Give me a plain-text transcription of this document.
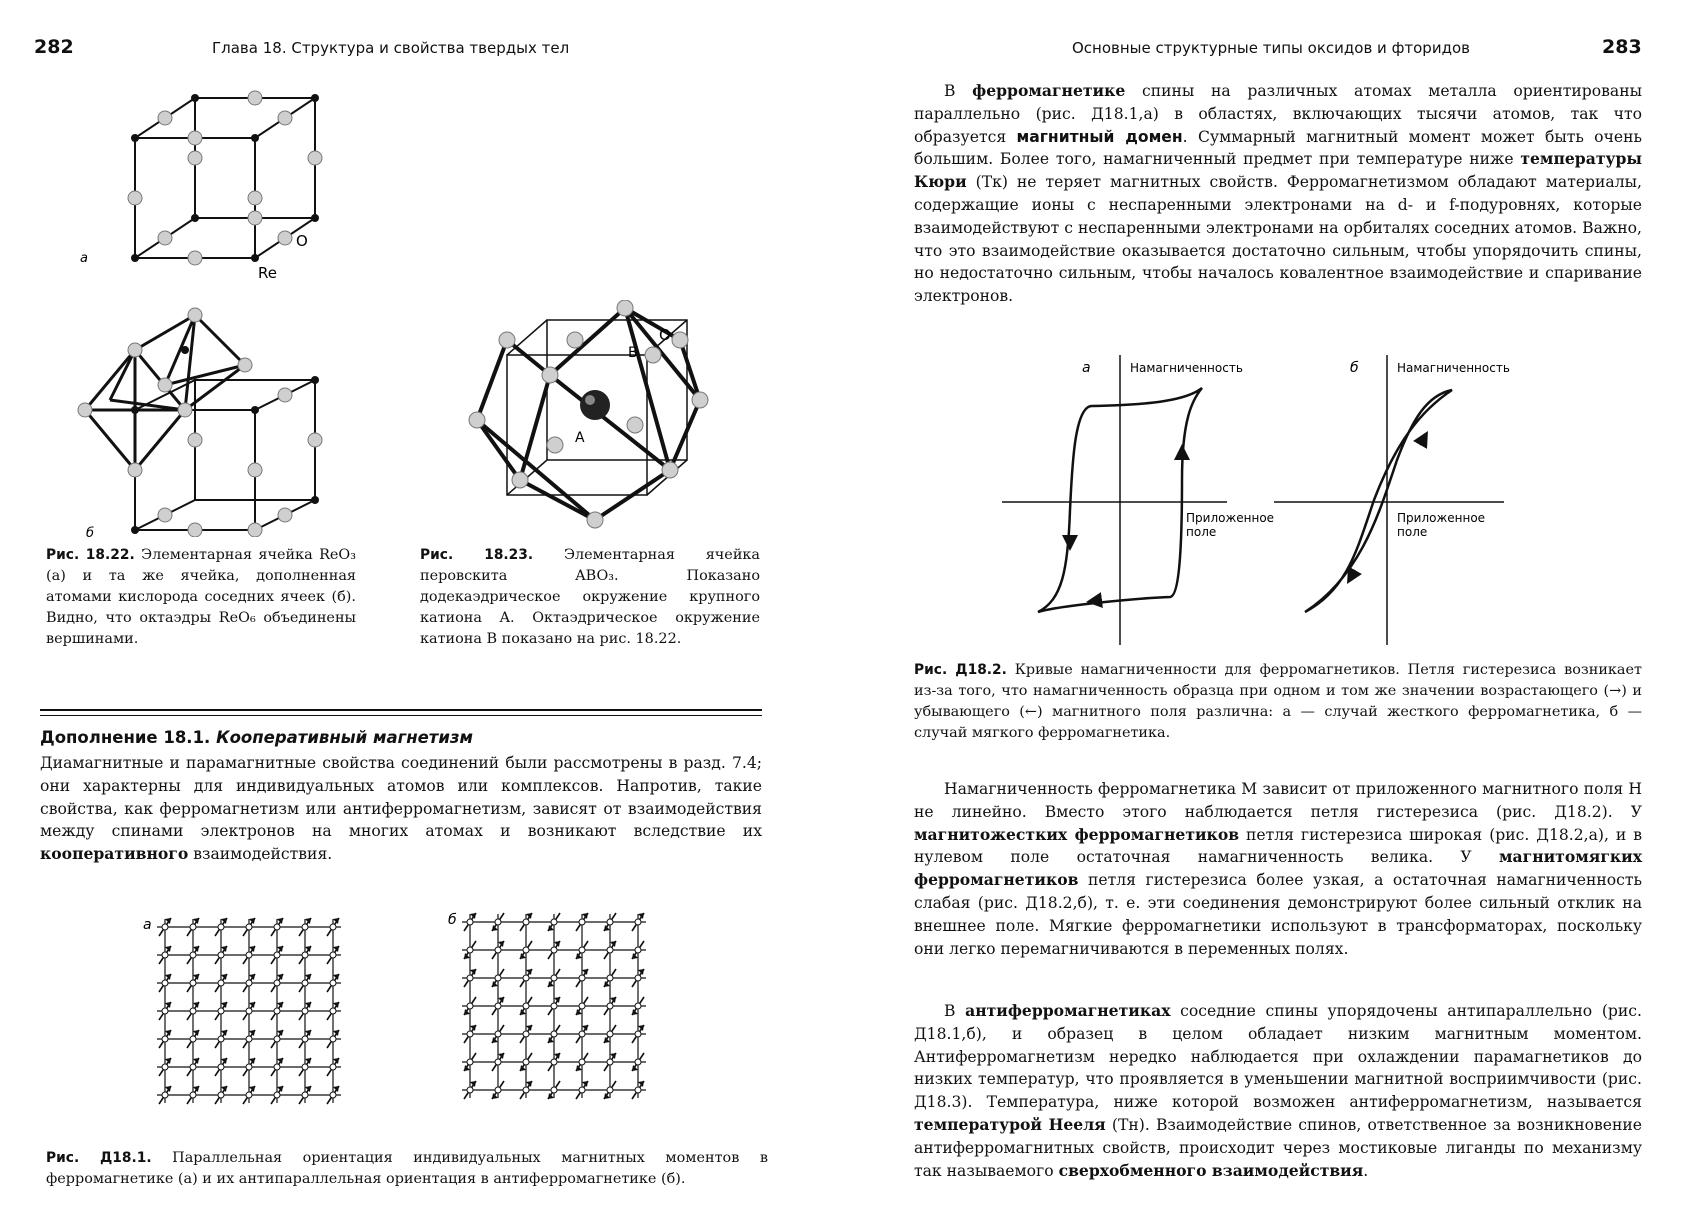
282	Глава 18. Структура и свойства твердых тел
а
Re
O
б
O
B
A
Рис. 18.22. Элементарная ячейка ReO₃ (а) и та же ячейка, дополненная атомами кислорода соседних ячеек (б). Видно, что октаэдры ReO₆ объединены вершинами.
Рис. 18.23. Элементарная ячейка перовскита ABO₃. Показано додекаэдрическое окружение крупного катиона A. Октаэдрическое окружение катиона B показано на рис. 18.22.
Дополнение 18.1. Кооперативный магнетизм
Диамагнитные и парамагнитные свойства соединений были рассмотрены в разд. 7.4; они характерны для индивидуальных атомов или комплексов. Напротив, такие свойства, как ферромагнетизм или антиферромагнетизм, зависят от взаимодействия между спинами электронов на многих атомах и возникают вследствие их кооперативного взаимодействия.
а	б
Рис. Д18.1. Параллельная ориентация индивидуальных магнитных моментов в ферромагнетике (а) и их антипараллельная ориентация в антиферромагнетике (б).
Основные структурные типы оксидов и фторидов	283
В ферромагнетике спины на различных атомах металла ориентированы параллельно (рис. Д18.1,а) в областях, включающих тысячи атомов, так что образуется магнитный домен. Суммарный магнитный момент может быть очень большим. Более того, намагниченный предмет при температуре ниже температуры Кюри (Tк) не теряет магнитных свойств. Ферромагнетизмом обладают материалы, содержащие ионы с неспаренными электронами на d- и f-подуровнях, которые взаимодействуют с неспаренными электронами на орбиталях соседних атомов. Важно, что это взаимодействие оказывается достаточно сильным, чтобы упорядочить спины, но недостаточно сильным, чтобы началось ковалентное взаимодействие и спаривание электронов.
а	Намагниченность
Приложенное
поле
б	Намагниченность
Приложенное
поле
Рис. Д18.2. Кривые намагниченности для ферромагнетиков. Петля гистерезиса возникает из-за того, что намагниченность образца при одном и том же значении возрастающего (→) и убывающего (←) магнитного поля различна: а — случай жесткого ферромагнетика, б — случай мягкого ферромагнетика.
Намагниченность ферромагнетика M зависит от приложенного магнитного поля H не линейно. Вместо этого наблюдается петля гистерезиса (рис. Д18.2). У магнитожестких ферромагнетиков петля гистерезиса широкая (рис. Д18.2,а), и в нулевом поле остаточная намагниченность велика. У магнитомягких ферромагнетиков петля гистерезиса более узкая, а остаточная намагниченность слабая (рис. Д18.2,б), т. е. эти соединения демонстрируют более сильный отклик на внешнее поле. Мягкие ферромагнетики используют в трансформаторах, поскольку они легко перемагничиваются в переменных полях.
В антиферромагнетиках соседние спины упорядочены антипараллельно (рис. Д18.1,б), и образец в целом обладает низким магнитным моментом. Антиферромагнетизм нередко наблюдается при охлаждении парамагнетиков до низких температур, что проявляется в уменьшении магнитной восприимчивости (рис. Д18.3). Температура, ниже которой возможен антиферромагнетизм, называется температурой Нееля (Tн). Взаимодействие спинов, ответственное за возникновение антиферромагнитных свойств, происходит через мостиковые лиганды по механизму так называемого сверхобменного взаимодействия.
